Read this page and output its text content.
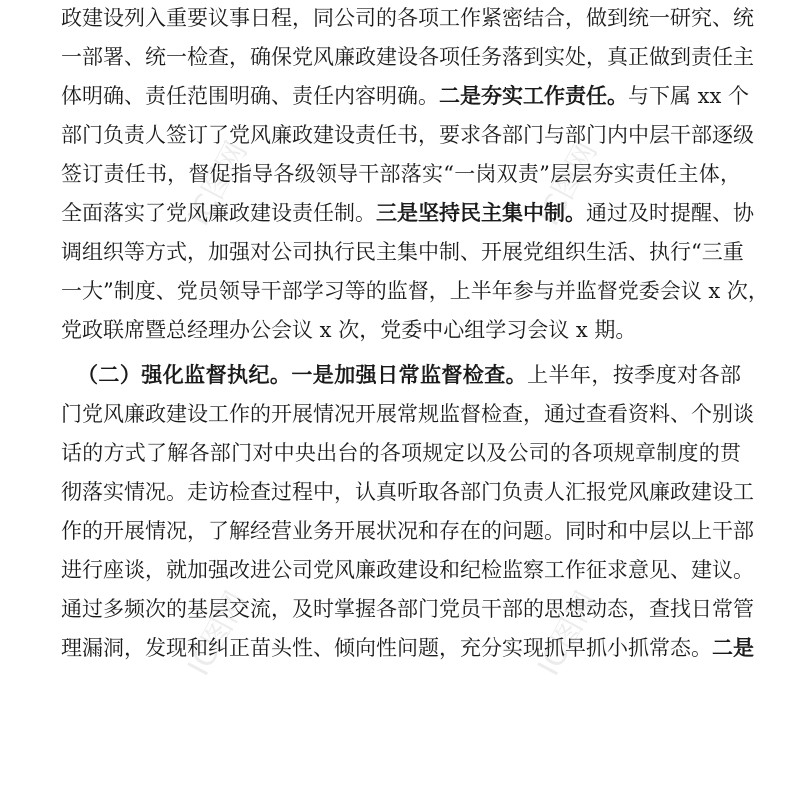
IC图网	IC图网
IC图网	IC图网
政建设列入重要议事日程，同公司的各项工作紧密结合，做到统一研究、统
一部署、统一检查，确保党风廉政建设各项任务落到实处，真正做到责任主
体明确、责任范围明确、责任内容明确。二是夯实工作责任。与下属 xx 个
部门负责人签订了党风廉政建设责任书，要求各部门与部门内中层干部逐级
签订责任书，督促指导各级领导干部落实“一岗双责”层层夯实责任主体，
全面落实了党风廉政建设责任制。三是坚持民主集中制。通过及时提醒、协
调组织等方式，加强对公司执行民主集中制、开展党组织生活、执行“三重
一大”制度、党员领导干部学习等的监督，上半年参与并监督党委会议 x 次，
党政联席暨总经理办公会议 x 次，党委中心组学习会议 x 期。
（二）强化监督执纪。一是加强日常监督检查。上半年，按季度对各部
门党风廉政建设工作的开展情况开展常规监督检查，通过查看资料、个别谈
话的方式了解各部门对中央出台的各项规定以及公司的各项规章制度的贯
彻落实情况。走访检查过程中，认真听取各部门负责人汇报党风廉政建设工
作的开展情况，了解经营业务开展状况和存在的问题。同时和中层以上干部
进行座谈，就加强改进公司党风廉政建设和纪检监察工作征求意见、建议。
通过多频次的基层交流，及时掌握各部门党员干部的思想动态，查找日常管
理漏洞，发现和纠正苗头性、倾向性问题，充分实现抓早抓小抓常态。二是
